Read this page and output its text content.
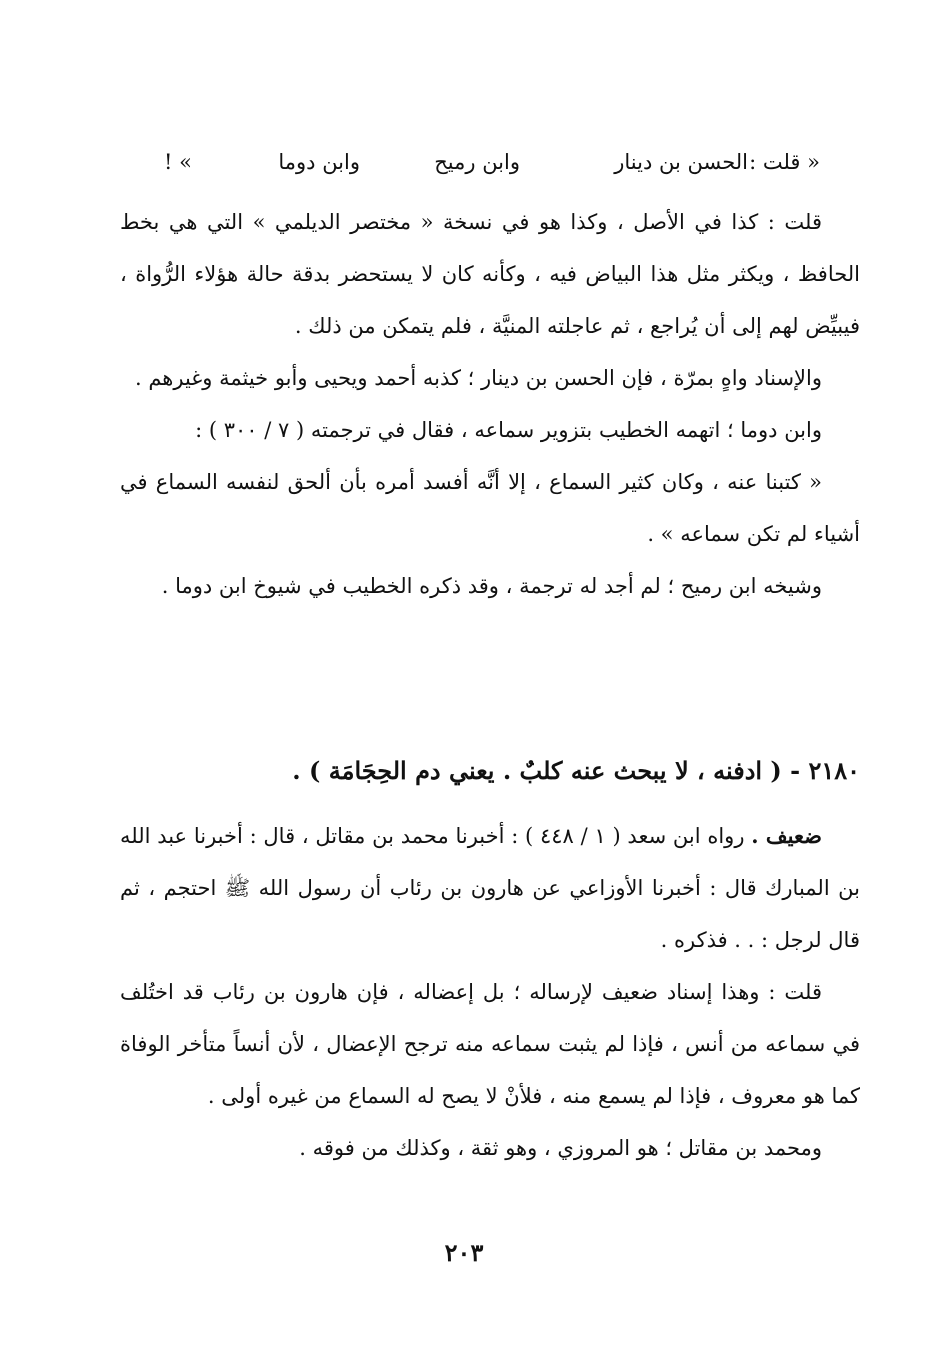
« قلت :
الحسن بن دينار
وابن رميح
وابن دوما
» !

قلت : كذا في الأصل ، وكذا هو في نسخة « مختصر الديلمي » التي هي بخط الحافظ ، ويكثر مثل هذا البياض فيه ، وكأنه كان لا يستحضر بدقة حالة هؤلاء الرُّواة ، فيبيِّض لهم إلى أن يُراجع ، ثم عاجلته المنيَّة ، فلم يتمكن من ذلك .

والإسناد واهٍ بمرّة ، فإن الحسن بن دينار ؛ كذبه أحمد ويحيى وأبو خيثمة وغيرهم .

وابن دوما ؛ اتهمه الخطيب بتزوير سماعه ، فقال في ترجمته ( ٧ / ٣٠٠ ) :

« كتبنا عنه ، وكان كثير السماع ، إلا أنَّه أفسد أمره بأن ألحق لنفسه السماع في أشياء لم تكن سماعه » .

وشيخه ابن رميح ؛ لم أجد له ترجمة ، وقد ذكره الخطيب في شيوخ ابن دوما .

٢١٨٠ - ( ادفنه ، لا يبحث عنه كلبٌ . يعني دم الحِجَامَة ) .

ضعيف . رواه ابن سعد ( ١ / ٤٤٨ ) : أخبرنا محمد بن مقاتل ، قال : أخبرنا عبد الله بن المبارك قال : أخبرنا الأوزاعي عن هارون بن رئاب أن رسول الله ﷺ احتجم ، ثم قال لرجل : . . فذكره .

قلت : وهذا إسناد ضعيف لإرساله ؛ بل إعضاله ، فإن هارون بن رئاب قد اختُلف في سماعه من أنس ، فإذا لم يثبت سماعه منه ترجح الإعضال ، لأن أنساً متأخر الوفاة كما هو معروف ، فإذا لم يسمع منه ، فلأنْ لا يصح له السماع من غيره أولى .

ومحمد بن مقاتل ؛ هو المروزي ، وهو ثقة ، وكذلك من فوقه .

٢٠٣
